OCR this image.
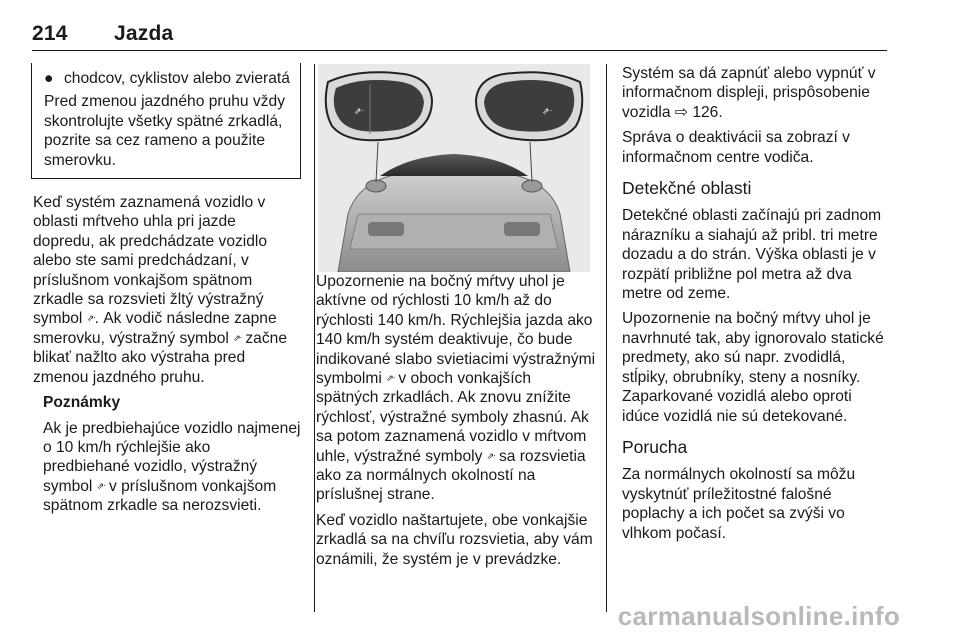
214 Jazda
● chodcov, cyklistov alebo zvieratá

Pred zmenou jazdného pruhu vždy skontrolujte všetky spätné zrkadlá, pozrite sa cez rameno a použite smerovku.

Keď systém zaznamená vozidlo v oblasti mŕtveho uhla pri jazde dopredu, ak predchádzate vozidlo alebo ste sami predchádzaní, v príslušnom vonkajšom spätnom zrkadle sa rozsvieti žltý výstražný symbol ⇗ᐧ. Ak vodič následne zapne smerovku, výstražný symbol ⇗ᐧ začne blikať nažlto ako výstraha pred zmenou jazdného pruhu.

Poznámky

Ak je predbiehajúce vozidlo najmenej o 10 km/h rýchlejšie ako predbiehané vozidlo, výstražný symbol ⇗ᐧ v príslušnom vonkajšom spätnom zrkadle sa nerozsvieti.

⇗ᐧ	⇗ᐧ

Upozornenie na bočný mŕtvy uhol je aktívne od rýchlosti 10 km/h až do rýchlosti 140 km/h. Rýchlejšia jazda ako 140 km/h systém deaktivuje, čo bude indikované slabo svietiacimi výstražnými symbolmi ⇗ᐧ v oboch vonkajších spätných zrkadlách. Ak znovu znížite rýchlosť, výstražné symboly zhasnú. Ak sa potom zaznamená vozidlo v mŕtvom uhle, výstražné symboly ⇗ᐧ sa rozsvietia ako za normálnych okolností na príslušnej strane.

Keď vozidlo naštartujete, obe vonkajšie zrkadlá sa na chvíľu rozsvietia, aby vám oznámili, že systém je v prevádzke.

Systém sa dá zapnúť alebo vypnúť v informačnom displeji, prispôsobenie vozidla ⇨ 126.

Správa o deaktivácii sa zobrazí v informačnom centre vodiča.

Detekčné oblasti

Detekčné oblasti začínajú pri zadnom nárazníku a siahajú až pribl. tri metre dozadu a do strán. Výška oblasti je v rozpätí približne pol metra až dva metre od zeme.

Upozornenie na bočný mŕtvy uhol je navrhnuté tak, aby ignorovalo statické predmety, ako sú napr. zvodidlá, stĺpiky, obrubníky, steny a nosníky. Zaparkované vozidlá alebo oproti idúce vozidlá nie sú detekované.

Porucha

Za normálnych okolností sa môžu vyskytnúť príležitostné falošné poplachy a ich počet sa zvýši vo vlhkom počasí.

carmanualsonline.info
